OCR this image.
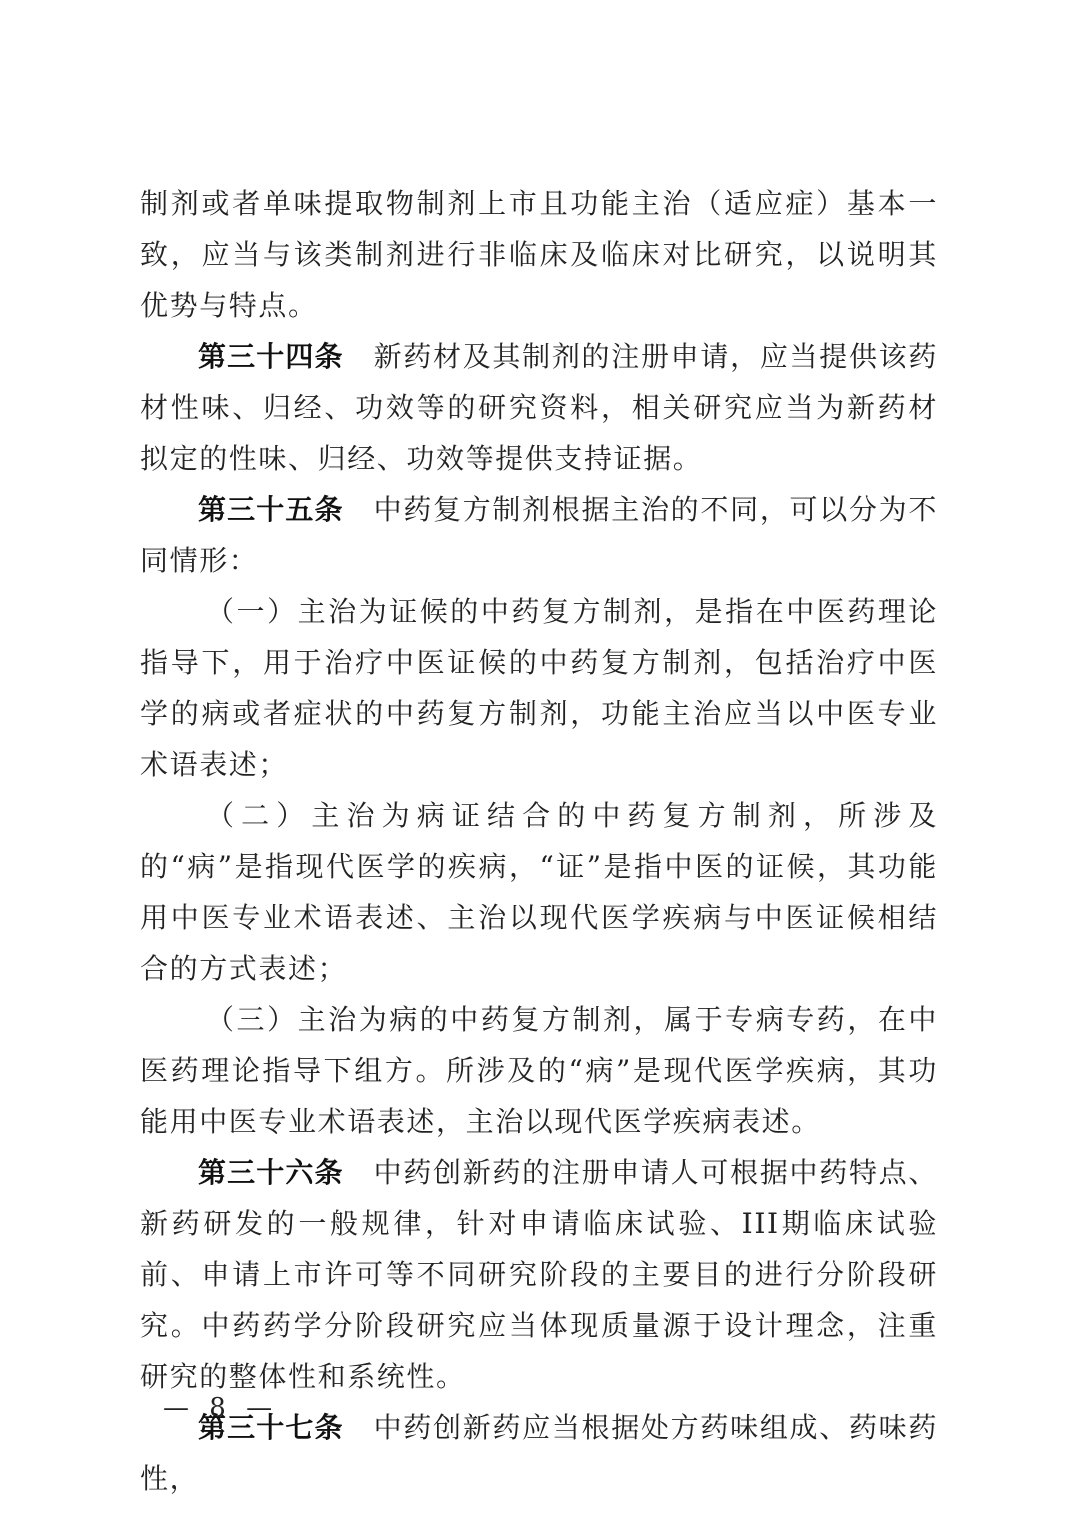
制剂或者单味提取物制剂上市且功能主治（适应症）基本一致，应当与该类制剂进行非临床及临床对比研究，以说明其优势与特点。

第三十四条 新药材及其制剂的注册申请，应当提供该药材性味、归经、功效等的研究资料，相关研究应当为新药材拟定的性味、归经、功效等提供支持证据。

第三十五条 中药复方制剂根据主治的不同，可以分为不同情形：

（一）主治为证候的中药复方制剂，是指在中医药理论指导下，用于治疗中医证候的中药复方制剂，包括治疗中医学的病或者症状的中药复方制剂，功能主治应当以中医专业术语表述；

（二）主治为病证结合的中药复方制剂，所涉及的“病”是指现代医学的疾病，“证”是指中医的证候，其功能用中医专业术语表述、主治以现代医学疾病与中医证候相结合的方式表述；

（三）主治为病的中药复方制剂，属于专病专药，在中医药理论指导下组方。所涉及的“病”是现代医学疾病，其功能用中医专业术语表述，主治以现代医学疾病表述。

第三十六条 中药创新药的注册申请人可根据中药特点、新药研发的一般规律，针对申请临床试验、III期临床试验前、申请上市许可等不同研究阶段的主要目的进行分阶段研究。中药药学分阶段研究应当体现质量源于设计理念，注重研究的整体性和系统性。

第三十七条 中药创新药应当根据处方药味组成、药味药性，

— 8 —
